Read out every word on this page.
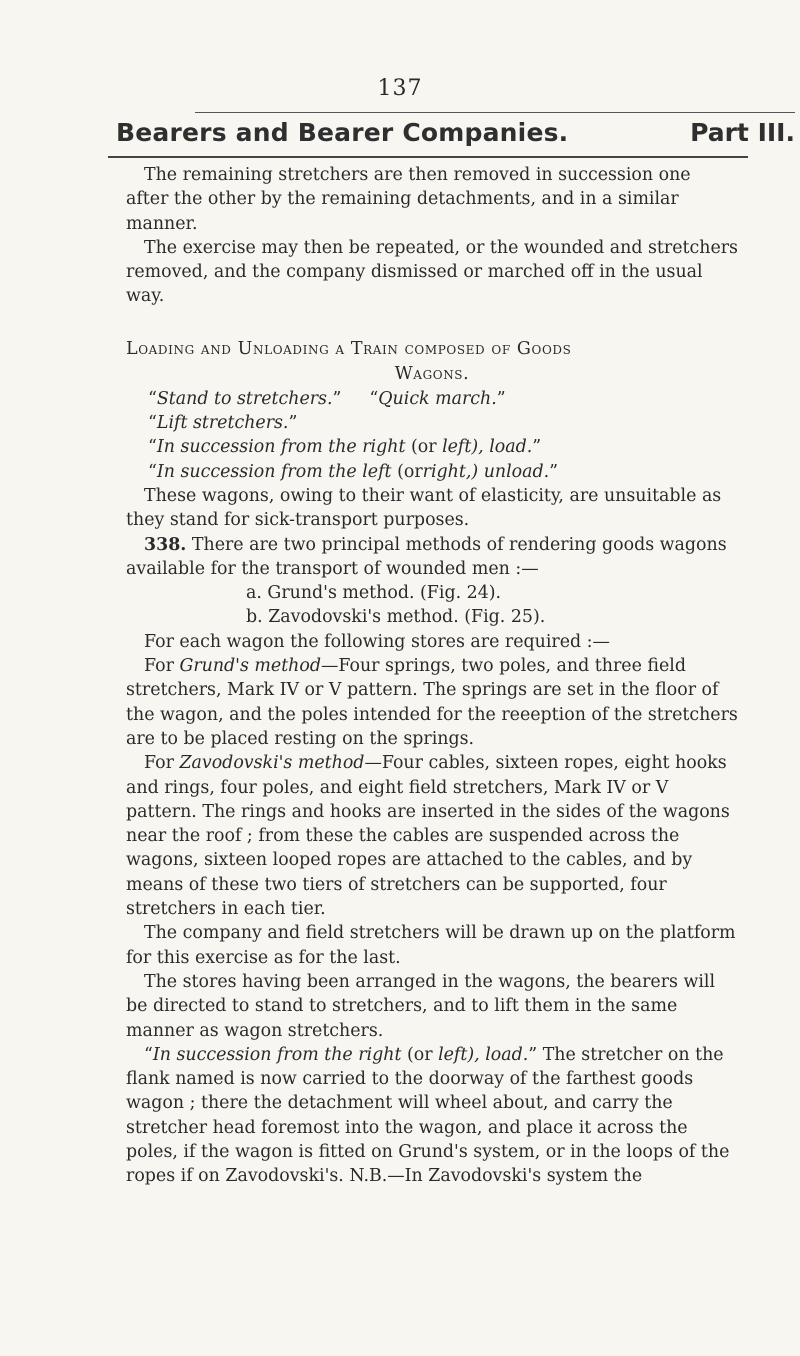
137
Bearers and Bearer Companies.	Part III.

The remaining stretchers are then removed in succession one after the other by the remaining detachments, and in a similar manner.

The exercise may then be repeated, or the wounded and stretchers removed, and the company dismissed or marched off in the usual way.

Loading and Unloading a Train composed of Goods
Wagons.

“Stand to stretchers.” “Quick march.”
“Lift stretchers.”
“In succession from the right (or left), load.”
“In succession from the left (orright,) unload.”

These wagons, owing to their want of elasticity, are unsuitable as they stand for sick-transport purposes.

338. There are two principal methods of rendering goods wagons available for the transport of wounded men :—

a. Grund's method. (Fig. 24).
b. Zavodovski's method. (Fig. 25).

For each wagon the following stores are required :—

For Grund's method—Four springs, two poles, and three field stretchers, Mark IV or V pattern. The springs are set in the floor of the wagon, and the poles intended for the reeeption of the stretchers are to be placed resting on the springs.

For Zavodovski's method—Four cables, sixteen ropes, eight hooks and rings, four poles, and eight field stretchers, Mark IV or V pattern. The rings and hooks are inserted in the sides of the wagons near the roof ; from these the cables are suspended across the wagons, sixteen looped ropes are attached to the cables, and by means of these two tiers of stretchers can be supported, four stretchers in each tier.

The company and field stretchers will be drawn up on the platform for this exercise as for the last.

The stores having been arranged in the wagons, the bearers will be directed to stand to stretchers, and to lift them in the same manner as wagon stretchers.

“In succession from the right (or left), load.” The stretcher on the flank named is now carried to the doorway of the farthest goods wagon ; there the detachment will wheel about, and carry the stretcher head foremost into the wagon, and place it across the poles, if the wagon is fitted on Grund's system, or in the loops of the ropes if on Zavodovski's. N.B.—In Zavodovski's system the
